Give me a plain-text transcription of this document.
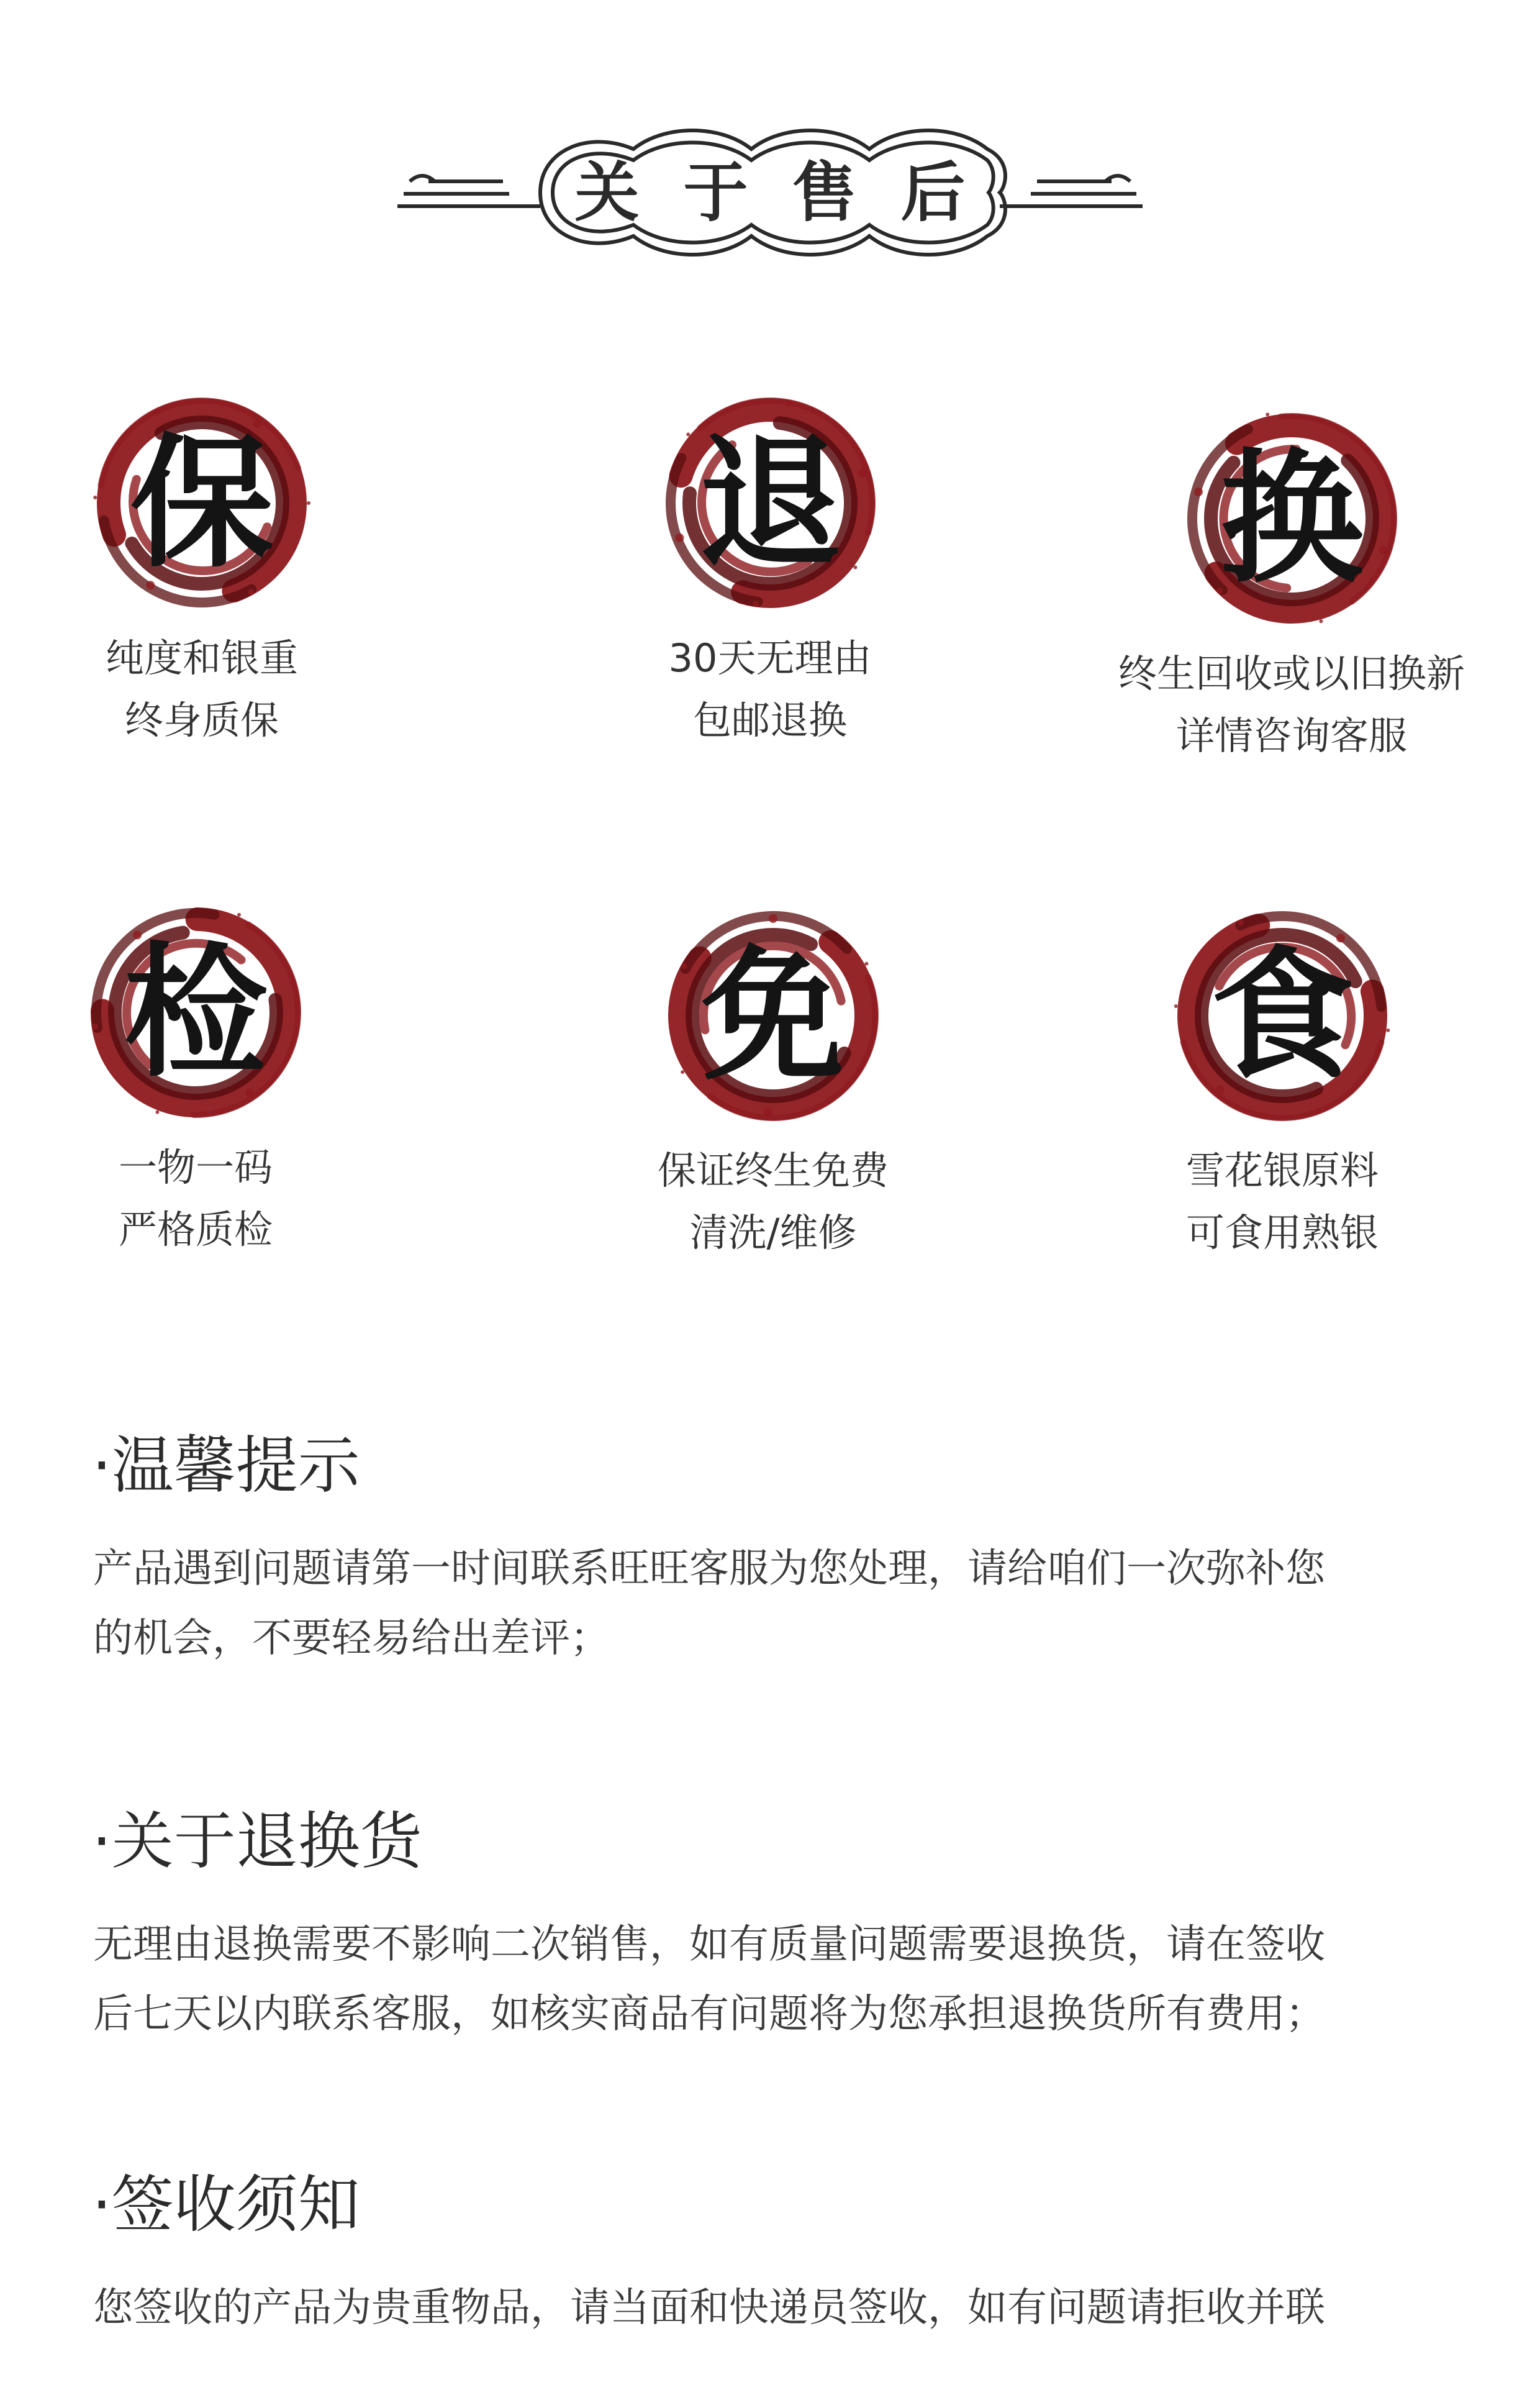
关 于 售 后
保
纯度和银重
终身质保
退
30天无理由
包邮退换
换
终生回收或以旧换新
详情咨询客服
检
一物一码
严格质检
免
保证终生免费
清洗/维修
食
雪花银原料
可食用熟银
·温馨提示
产品遇到问题请第一时间联系旺旺客服为您处理，请给咱们一次弥补您
的机会，不要轻易给出差评；
·关于退换货
无理由退换需要不影响二次销售，如有质量问题需要退换货，请在签收
后七天以内联系客服，如核实商品有问题将为您承担退换货所有费用；
·签收须知
您签收的产品为贵重物品，请当面和快递员签收，如有问题请拒收并联
